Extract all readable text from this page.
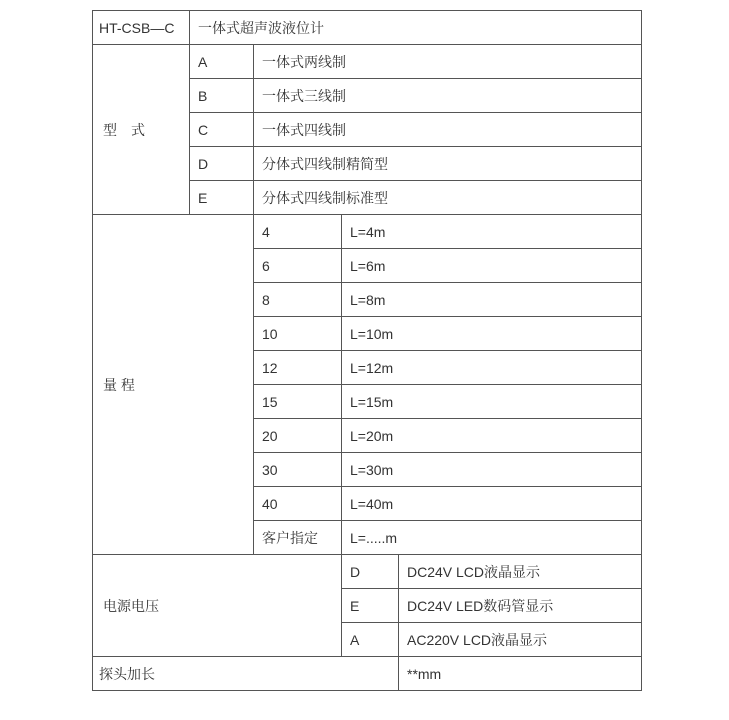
HT-CSB—C	一体式超声波液位计			
型　式	A	一体式两线制		
	B	一体式三线制		
	C	一体式四线制		
	D	分体式四线制精简型		
	E	分体式四线制标准型		
量 程		4	L=4m	
		6	L=6m	
		8	L=8m	
		10	L=10m	
		12	L=12m	
		15	L=15m	
		20	L=20m	
		30	L=30m	
		40	L=40m	
		客户指定	L=.....m	
电源电压			D	DC24V LCD液晶显示
			E	DC24V LED数码管显示
			A	AC220V LCD液晶显示
探头加长				**mm
